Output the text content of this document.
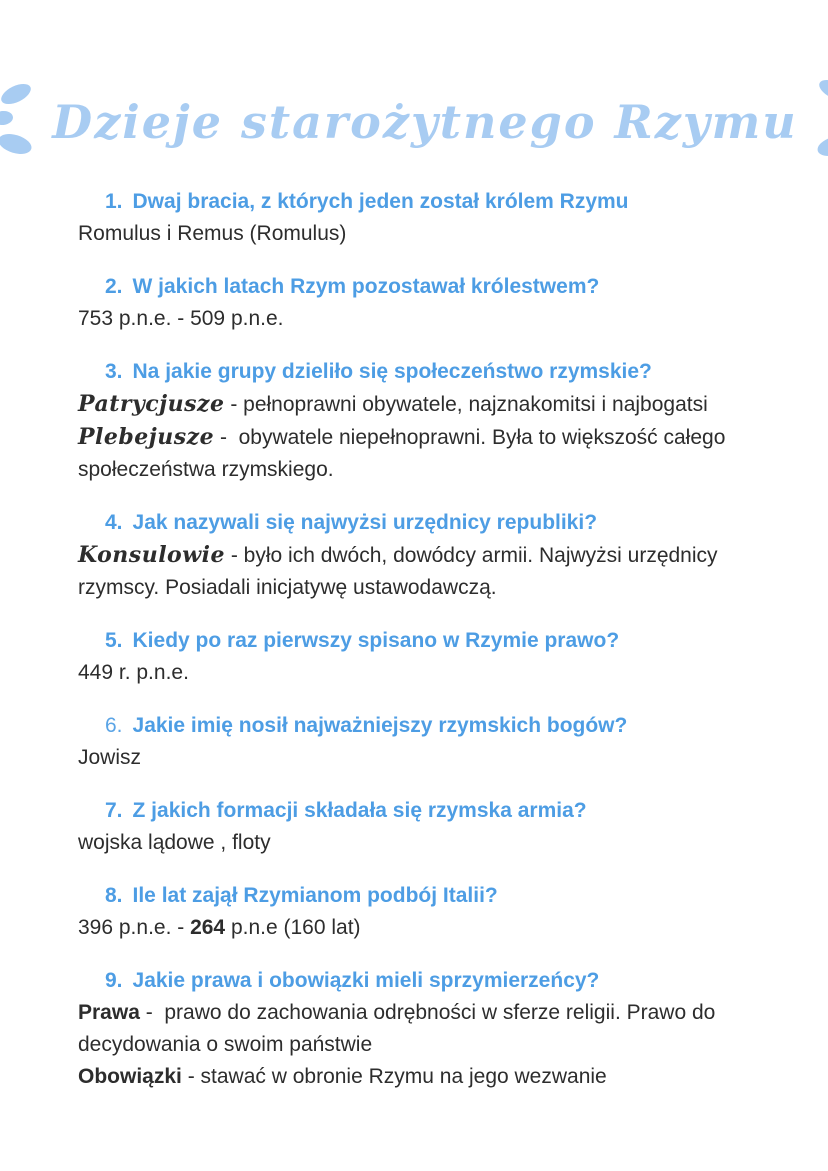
Dzieje starożytnego Rzymu
1. Dwaj bracia, z których jeden został królem Rzymu
Romulus i Remus (Romulus)
2. W jakich latach Rzym pozostawał królestwem?
753 p.n.e. - 509 p.n.e.
3. Na jakie grupy dzieliło się społeczeństwo rzymskie?
Patrycjusze - pełnoprawni obywatele, najznakomitsi i najbogatsi
Plebejusze -  obywatele niepełnoprawni. Była to większość całego społeczeństwa rzymskiego.
4. Jak nazywali się najwyżsi urzędnicy republiki?
Konsulowie - było ich dwóch, dowódcy armii. Najwyżsi urzędnicy rzymscy. Posiadali inicjatywę ustawodawczą.
5. Kiedy po raz pierwszy spisano w Rzymie prawo?
449 r. p.n.e.
6. Jakie imię nosił najważniejszy rzymskich bogów?
Jowisz
7. Z jakich formacji składała się rzymska armia?
wojska lądowe , floty
8. Ile lat zajął Rzymianom podbój Italii?
396 p.n.e. - 264 p.n.e (160 lat)
9. Jakie prawa i obowiązki mieli sprzymierzeńcy?
Prawa -  prawo do zachowania odrębności w sferze religii. Prawo do decydowania o swoim państwie
Obowiązki - stawać w obronie Rzymu na jego wezwanie
